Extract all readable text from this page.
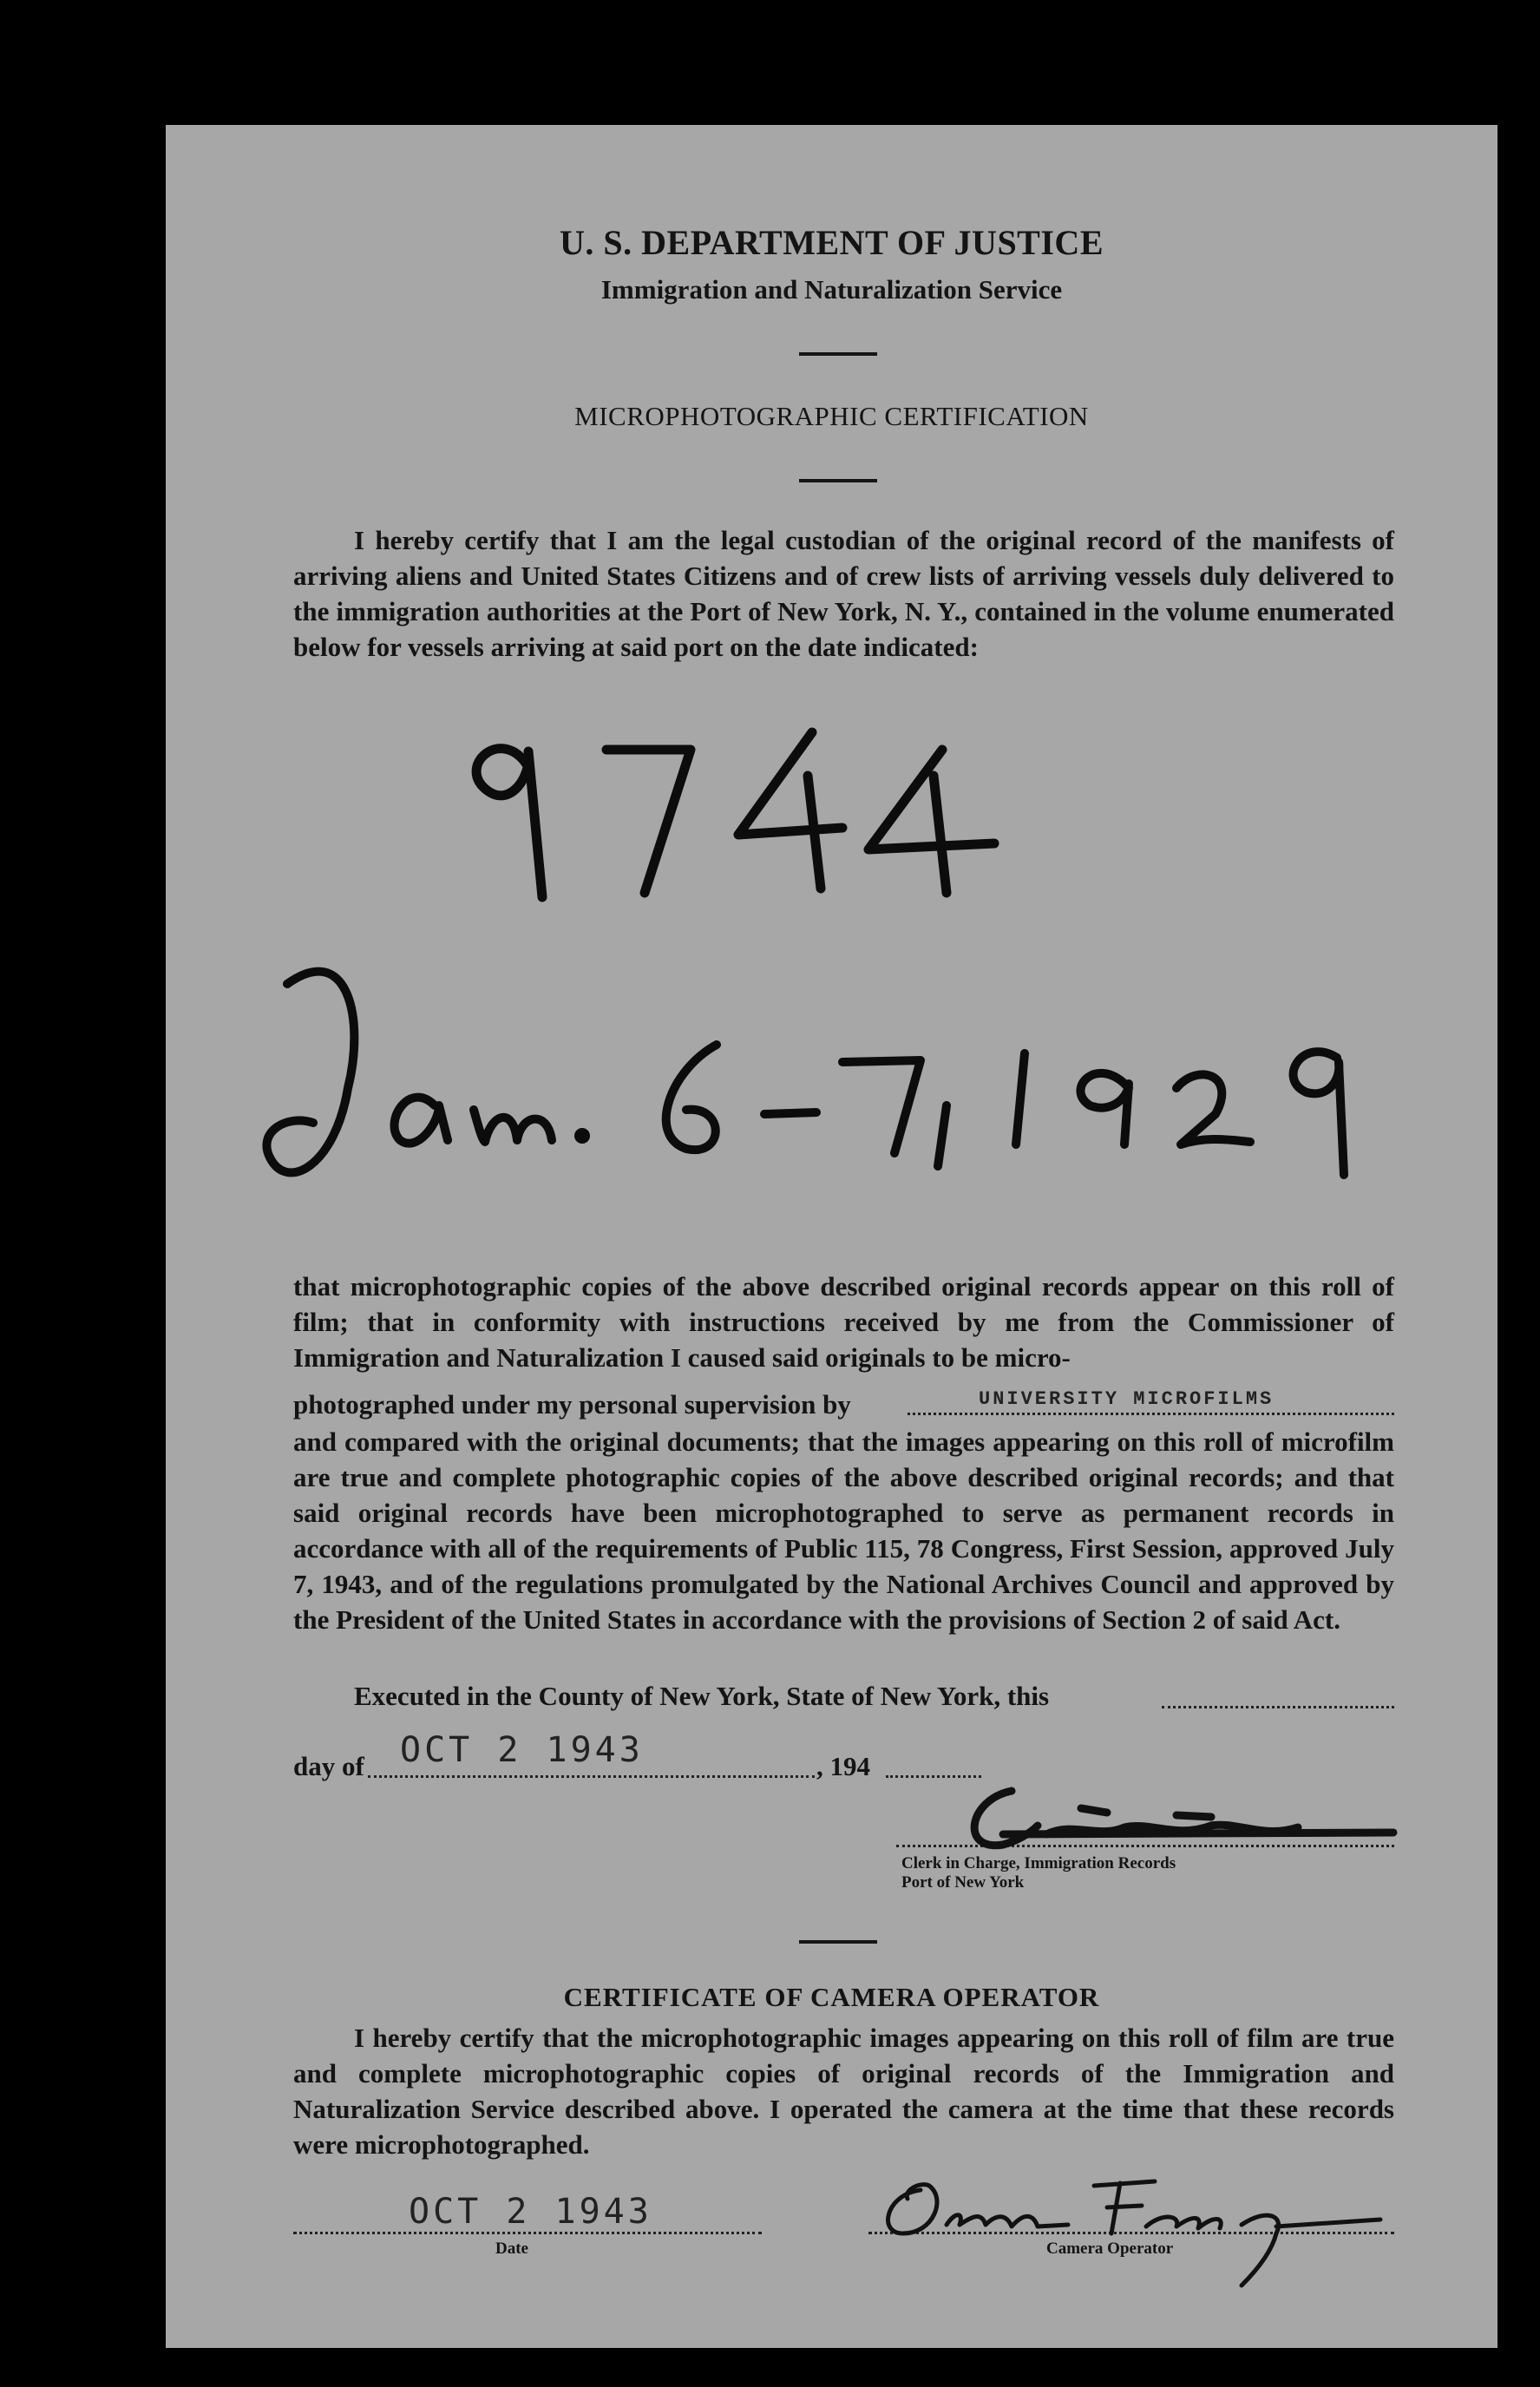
U. S. DEPARTMENT OF JUSTICE
Immigration and Naturalization Service
MICROPHOTOGRAPHIC CERTIFICATION
I hereby certify that I am the legal custodian of the original record of the manifests of arriving aliens and United States Citizens and of crew lists of arriving vessels duly delivered to the immigration authorities at the Port of New York, N. Y., contained in the volume enumerated below for vessels arriving at said port on the date indicated:
9744
Jan. 6-7, 1929
that microphotographic copies of the above described original records appear on this roll of film; that in conformity with instructions received by me from the Commissioner of Immigration and Naturalization I caused said originals to be micro-
photographed under my personal supervision by	UNIVERSITY MICROFILMS
and compared with the original documents; that the images appearing on this roll of microfilm are true and complete photographic copies of the above described original records; and that said original records have been microphotographed to serve as permanent records in accordance with all of the requirements of Public 115, 78 Congress, First Session, approved July 7, 1943, and of the regulations promulgated by the National Archives Council and approved by the President of the United States in accordance with the provisions of Section 2 of said Act.
Executed in the County of New York, State of New York, this
day of OCT 2 1943	, 194
Clerk in Charge, Immigration Records
Port of New York
CERTIFICATE OF CAMERA OPERATOR
I hereby certify that the microphotographic images appearing on this roll of film are true and complete microphotographic copies of original records of the Immigration and Naturalization Service described above. I operated the camera at the time that these records were microphotographed.
OCT 2 1943
Date	Camera Operator
